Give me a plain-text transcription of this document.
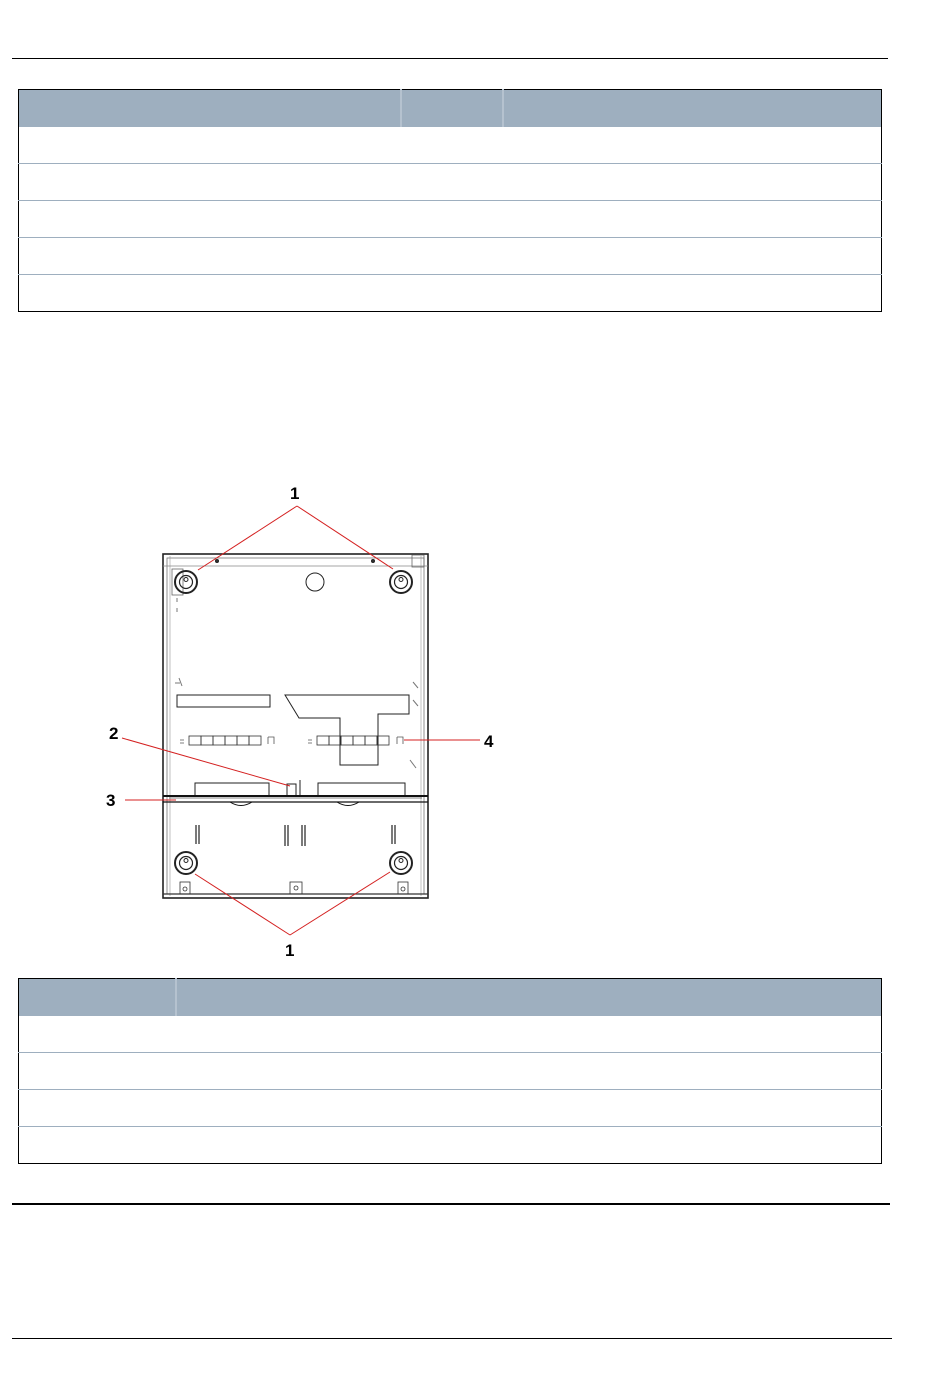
1
1
2
3
4
